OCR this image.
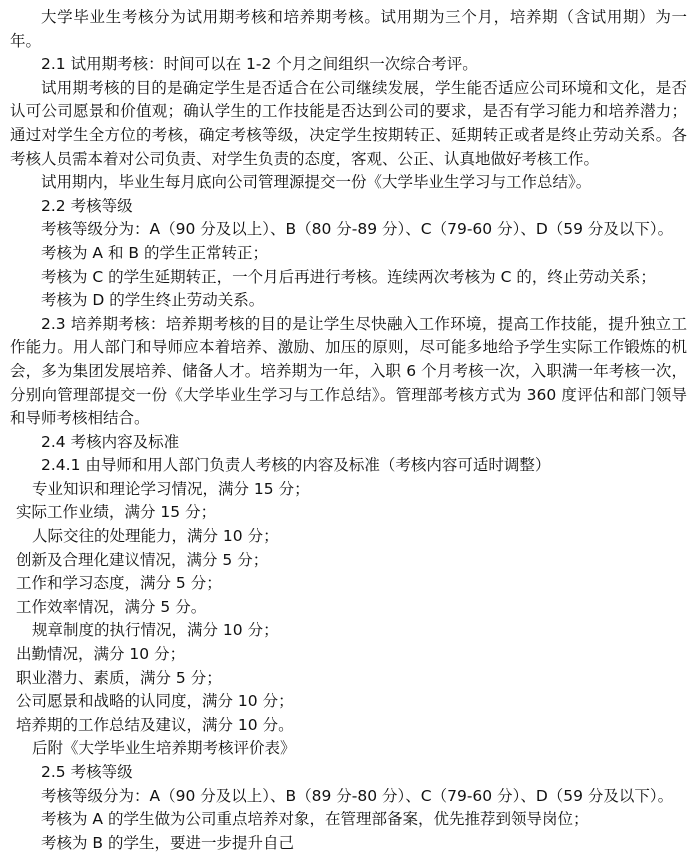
大学毕业生考核分为试用期考核和培养期考核。试用期为三个月，培养期（含试用期）为一年。

2.1 试用期考核：时间可以在 1-2 个月之间组织一次综合考评。

试用期考核的目的是确定学生是否适合在公司继续发展，学生能否适应公司环境和文化，是否认可公司愿景和价值观；确认学生的工作技能是否达到公司的要求，是否有学习能力和培养潜力；通过对学生全方位的考核，确定考核等级，决定学生按期转正、延期转正或者是终止劳动关系。各考核人员需本着对公司负责、对学生负责的态度，客观、公正、认真地做好考核工作。

试用期内，毕业生每月底向公司管理源提交一份《大学毕业生学习与工作总结》。

2.2 考核等级

考核等级分为：A（90 分及以上）、B（80 分-89 分）、C（79-60 分）、D（59 分及以下）。

考核为 A 和 B 的学生正常转正；

考核为 C 的学生延期转正，一个月后再进行考核。连续两次考核为 C 的，终止劳动关系；

考核为 D 的学生终止劳动关系。

2.3 培养期考核：培养期考核的目的是让学生尽快融入工作环境，提高工作技能，提升独立工作能力。用人部门和导师应本着培养、激励、加压的原则，尽可能多地给予学生实际工作锻炼的机会，多为集团发展培养、储备人才。培养期为一年，入职 6 个月考核一次，入职满一年考核一次，分别向管理部提交一份《大学毕业生学习与工作总结》。管理部考核方式为 360 度评估和部门领导和导师考核相结合。

2.4 考核内容及标准

2.4.1 由导师和用人部门负责人考核的内容及标准（考核内容可适时调整）

专业知识和理论学习情况，满分 15 分；

实际工作业绩，满分 15 分；

人际交往的处理能力，满分 10 分；

创新及合理化建议情况，满分 5 分；

工作和学习态度，满分 5 分；

工作效率情况，满分 5 分。

规章制度的执行情况，满分 10 分；

出勤情况，满分 10 分；

职业潜力、素质，满分 5 分；

公司愿景和战略的认同度，满分 10 分；

培养期的工作总结及建议，满分 10 分。

后附《大学毕业生培养期考核评价表》

2.5 考核等级

考核等级分为：A（90 分及以上）、B（89 分-80 分）、C（79-60 分）、D（59 分及以下）。

考核为 A 的学生做为公司重点培养对象，在管理部备案，优先推荐到领导岗位；

考核为 B 的学生，要进一步提升自己
